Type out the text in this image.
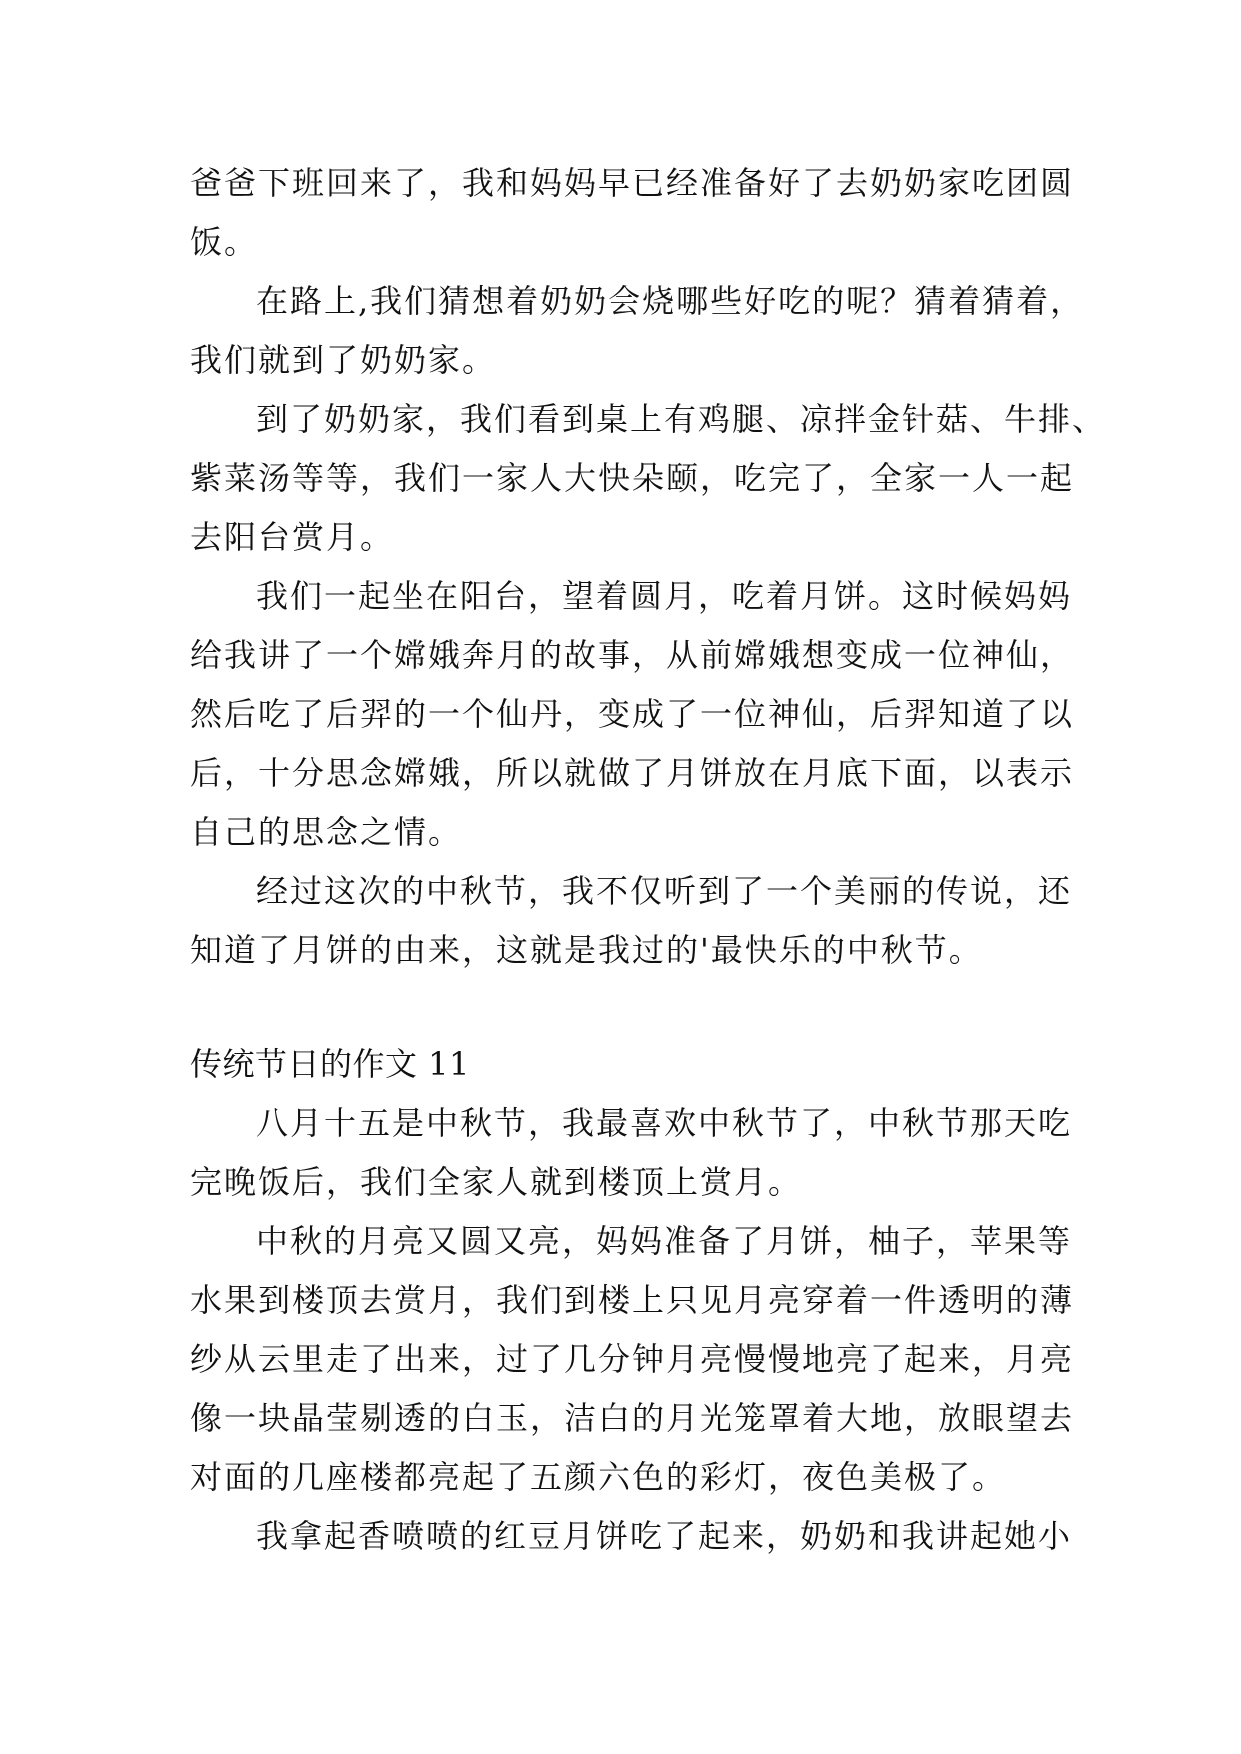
爸爸下班回来了，我和妈妈早已经准备好了去奶奶家吃团圆
饭。
在路上,我们猜想着奶奶会烧哪些好吃的呢？猜着猜着，
我们就到了奶奶家。
到了奶奶家，我们看到桌上有鸡腿、凉拌金针菇、牛排、
紫菜汤等等，我们一家人大快朵颐，吃完了，全家一人一起
去阳台赏月。
我们一起坐在阳台，望着圆月，吃着月饼。这时候妈妈
给我讲了一个嫦娥奔月的故事，从前嫦娥想变成一位神仙，
然后吃了后羿的一个仙丹，变成了一位神仙，后羿知道了以
后，十分思念嫦娥，所以就做了月饼放在月底下面，以表示
自己的思念之情。
经过这次的中秋节，我不仅听到了一个美丽的传说，还
知道了月饼的由来，这就是我过的'最快乐的中秋节。
传统节日的作文 11
八月十五是中秋节，我最喜欢中秋节了，中秋节那天吃
完晚饭后，我们全家人就到楼顶上赏月。
中秋的月亮又圆又亮，妈妈准备了月饼，柚子，苹果等
水果到楼顶去赏月，我们到楼上只见月亮穿着一件透明的薄
纱从云里走了出来，过了几分钟月亮慢慢地亮了起来，月亮
像一块晶莹剔透的白玉，洁白的月光笼罩着大地，放眼望去
对面的几座楼都亮起了五颜六色的彩灯，夜色美极了。
我拿起香喷喷的红豆月饼吃了起来，奶奶和我讲起她小
